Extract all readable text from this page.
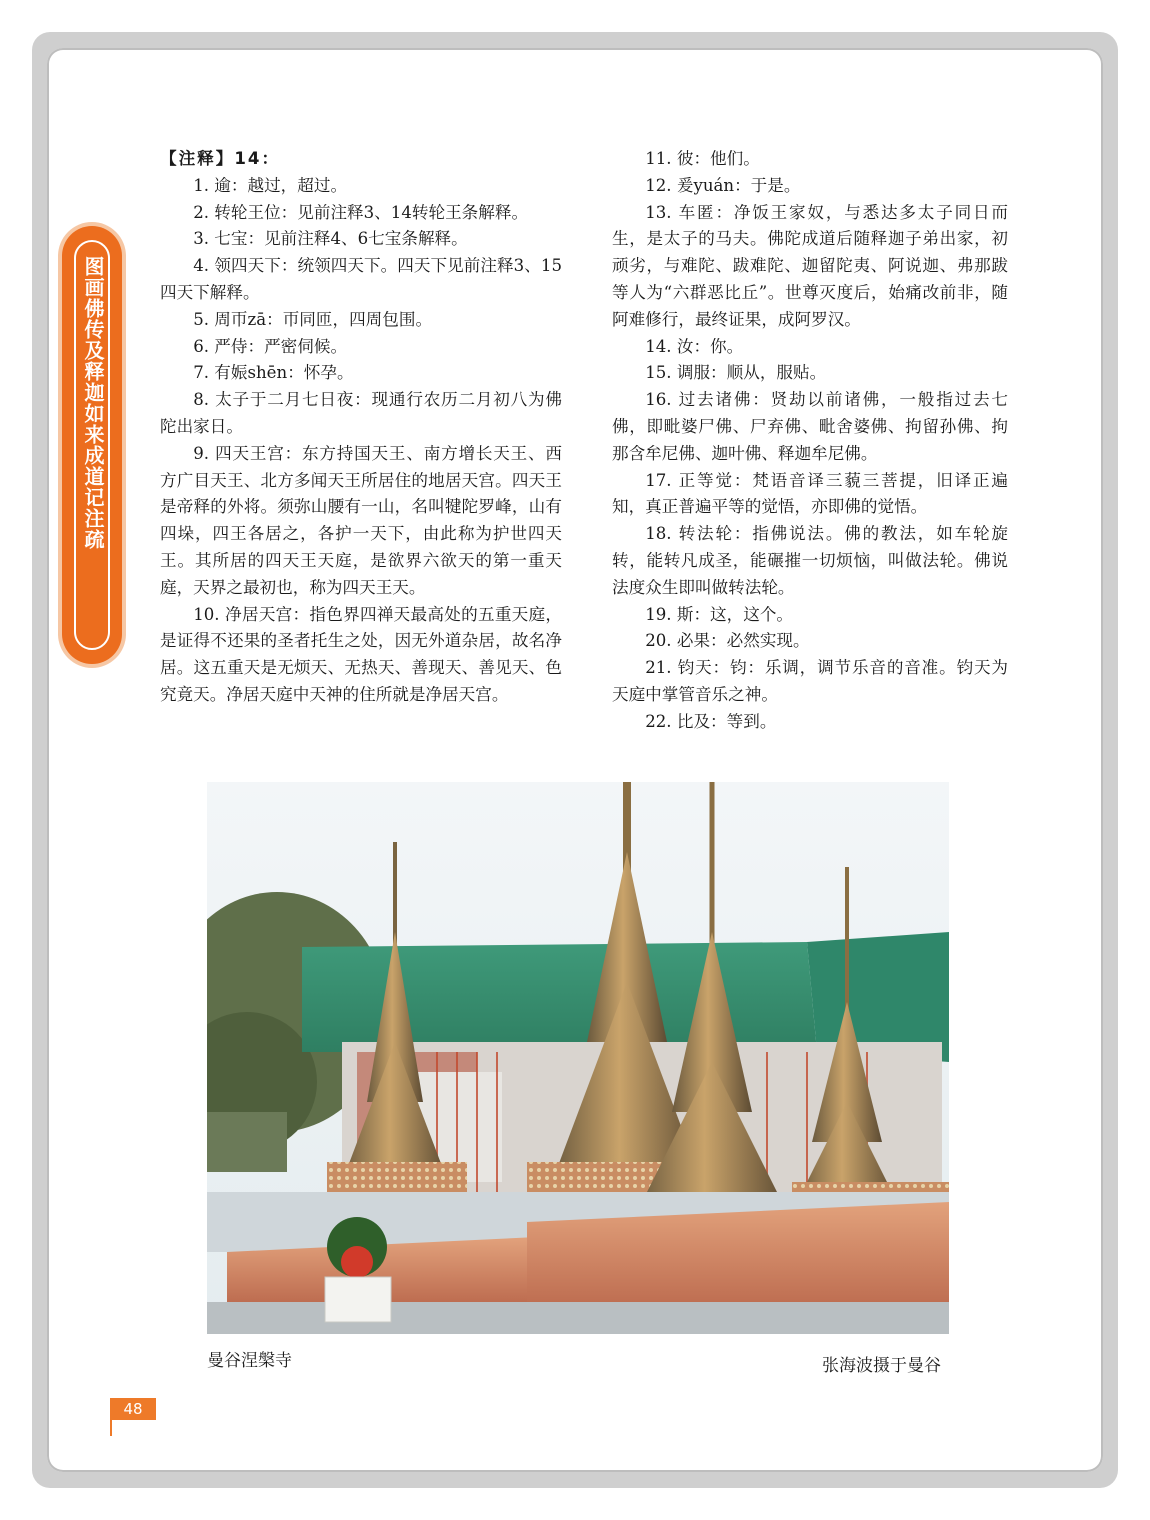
图画佛传及释迦如来成道记注疏

【注释】14：

1. 逾：越过，超过。

2. 转轮王位：见前注释3、14转轮王条解释。

3. 七宝：见前注释4、6七宝条解释。

4. 领四天下：统领四天下。四天下见前注释3、15四天下解释。

5. 周帀zā：帀同匝，四周包围。

6. 严侍：严密伺候。

7. 有娠shēn：怀孕。

8. 太子于二月七日夜：现通行农历二月初八为佛陀出家日。

9. 四天王宫：东方持国天王、南方增长天王、西方广目天王、北方多闻天王所居住的地居天宫。四天王是帝释的外将。须弥山腰有一山，名叫犍陀罗峰，山有四垛，四王各居之，各护一天下，由此称为护世四天王。其所居的四天王天庭，是欲界六欲天的第一重天庭，天界之最初也，称为四天王天。

10. 净居天宫：指色界四禅天最高处的五重天庭，是证得不还果的圣者托生之处，因无外道杂居，故名净居。这五重天是无烦天、无热天、善现天、善见天、色究竟天。净居天庭中天神的住所就是净居天宫。

11. 彼：他们。

12. 爰yuán：于是。

13. 车匿：净饭王家奴，与悉达多太子同日而生，是太子的马夫。佛陀成道后随释迦子弟出家，初顽劣，与难陀、跋难陀、迦留陀夷、阿说迦、弗那跋等人为“六群恶比丘”。世尊灭度后，始痛改前非，随阿难修行，最终证果，成阿罗汉。

14. 汝：你。

15. 调服：顺从，服贴。

16. 过去诸佛：贤劫以前诸佛，一般指过去七佛，即毗婆尸佛、尸弃佛、毗舍婆佛、拘留孙佛、拘那含牟尼佛、迦叶佛、释迦牟尼佛。

17. 正等觉：梵语音译三藐三菩提，旧译正遍知，真正普遍平等的觉悟，亦即佛的觉悟。

18. 转法轮：指佛说法。佛的教法，如车轮旋转，能转凡成圣，能碾摧一切烦恼，叫做法轮。佛说法度众生即叫做转法轮。

19. 斯：这，这个。

20. 必果：必然实现。

21. 钧天：钧：乐调，调节乐音的音准。钧天为天庭中掌管音乐之神。

22. 比及：等到。

曼谷涅槃寺	张海波摄于曼谷
48
